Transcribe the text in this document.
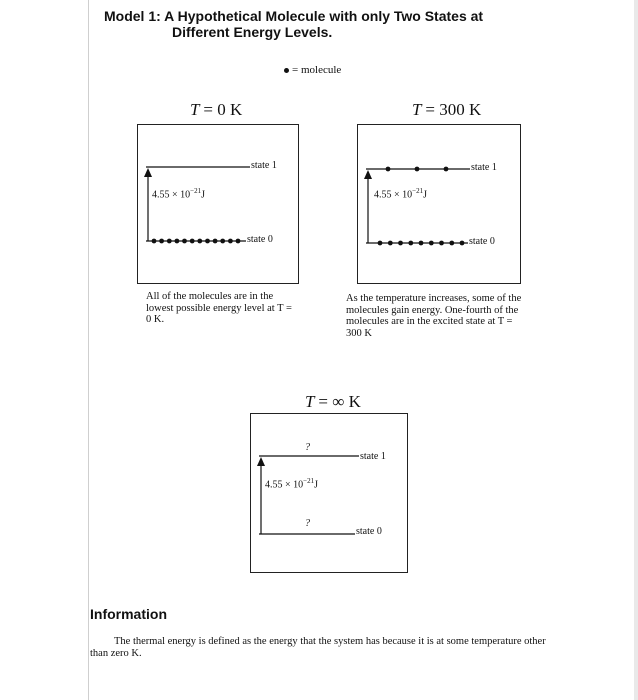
Model 1: A Hypothetical Molecule with only Two States at
Different Energy Levels.
= molecule
T = 0 K
state 1
$4.55 \times 10^{-21}J$
state 0
All of the molecules are in the lowest possible energy level at T = 0 K.
T = 300 K
state 1
$4.55 \times 10^{-21}J$
state 0
As the temperature increases, some of the molecules gain energy. One-fourth of the molecules are in the excited state at T = 300 K
T = ∞ K
?
state 1
$4.55 \times 10^{-21}J$
?
state 0
Information
The thermal energy is defined as the energy that the system has because it is at some temperature other than zero K.
